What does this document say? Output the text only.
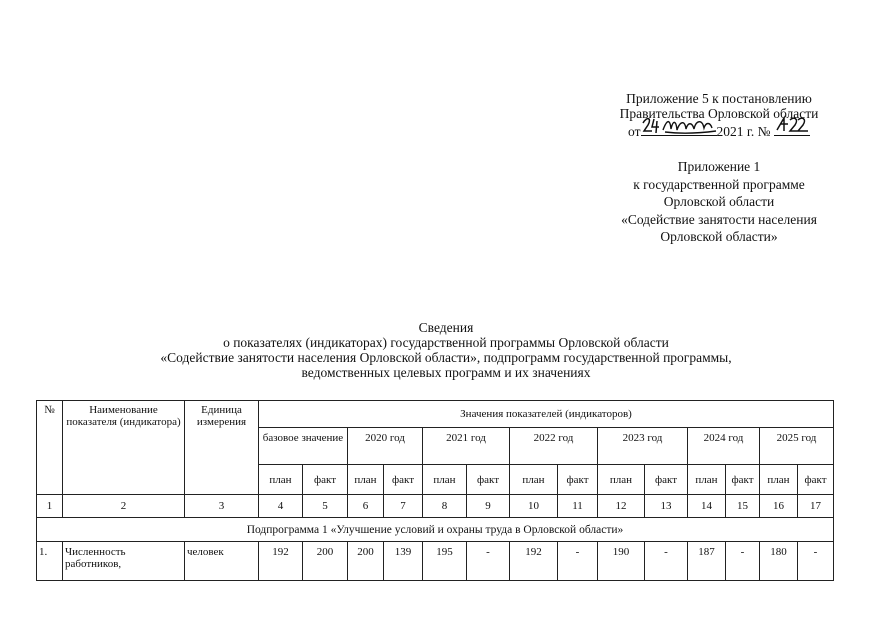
Приложение 5 к постановлению
Правительства Орловской области
от	2021 г. №
Приложение 1
к государственной программе
Орловской области
«Содействие занятости населения
Орловской области»
Сведения
о показателях (индикаторах) государственной программы Орловской области
«Содействие занятости населения Орловской области», подпрограмм государственной программы,
ведомственных целевых программ и их значениях
№	Наименование показателя (индикатора)	Единица измерения	Значения показателей (индикаторов)													
			базовое значение		2020 год		2021 год		2022 год		2023 год		2024 год		2025 год	
			план	факт	план	факт	план	факт	план	факт	план	факт	план	факт	план	факт
1	2	3	4	5	6	7	8	9	10	11	12	13	14	15	16	17
Подпрограмма 1 «Улучшение условий и охраны труда в Орловской области»																
1.	Численность работников,	человек	192	200	200	139	195	-	192	-	190	-	187	-	180	-
